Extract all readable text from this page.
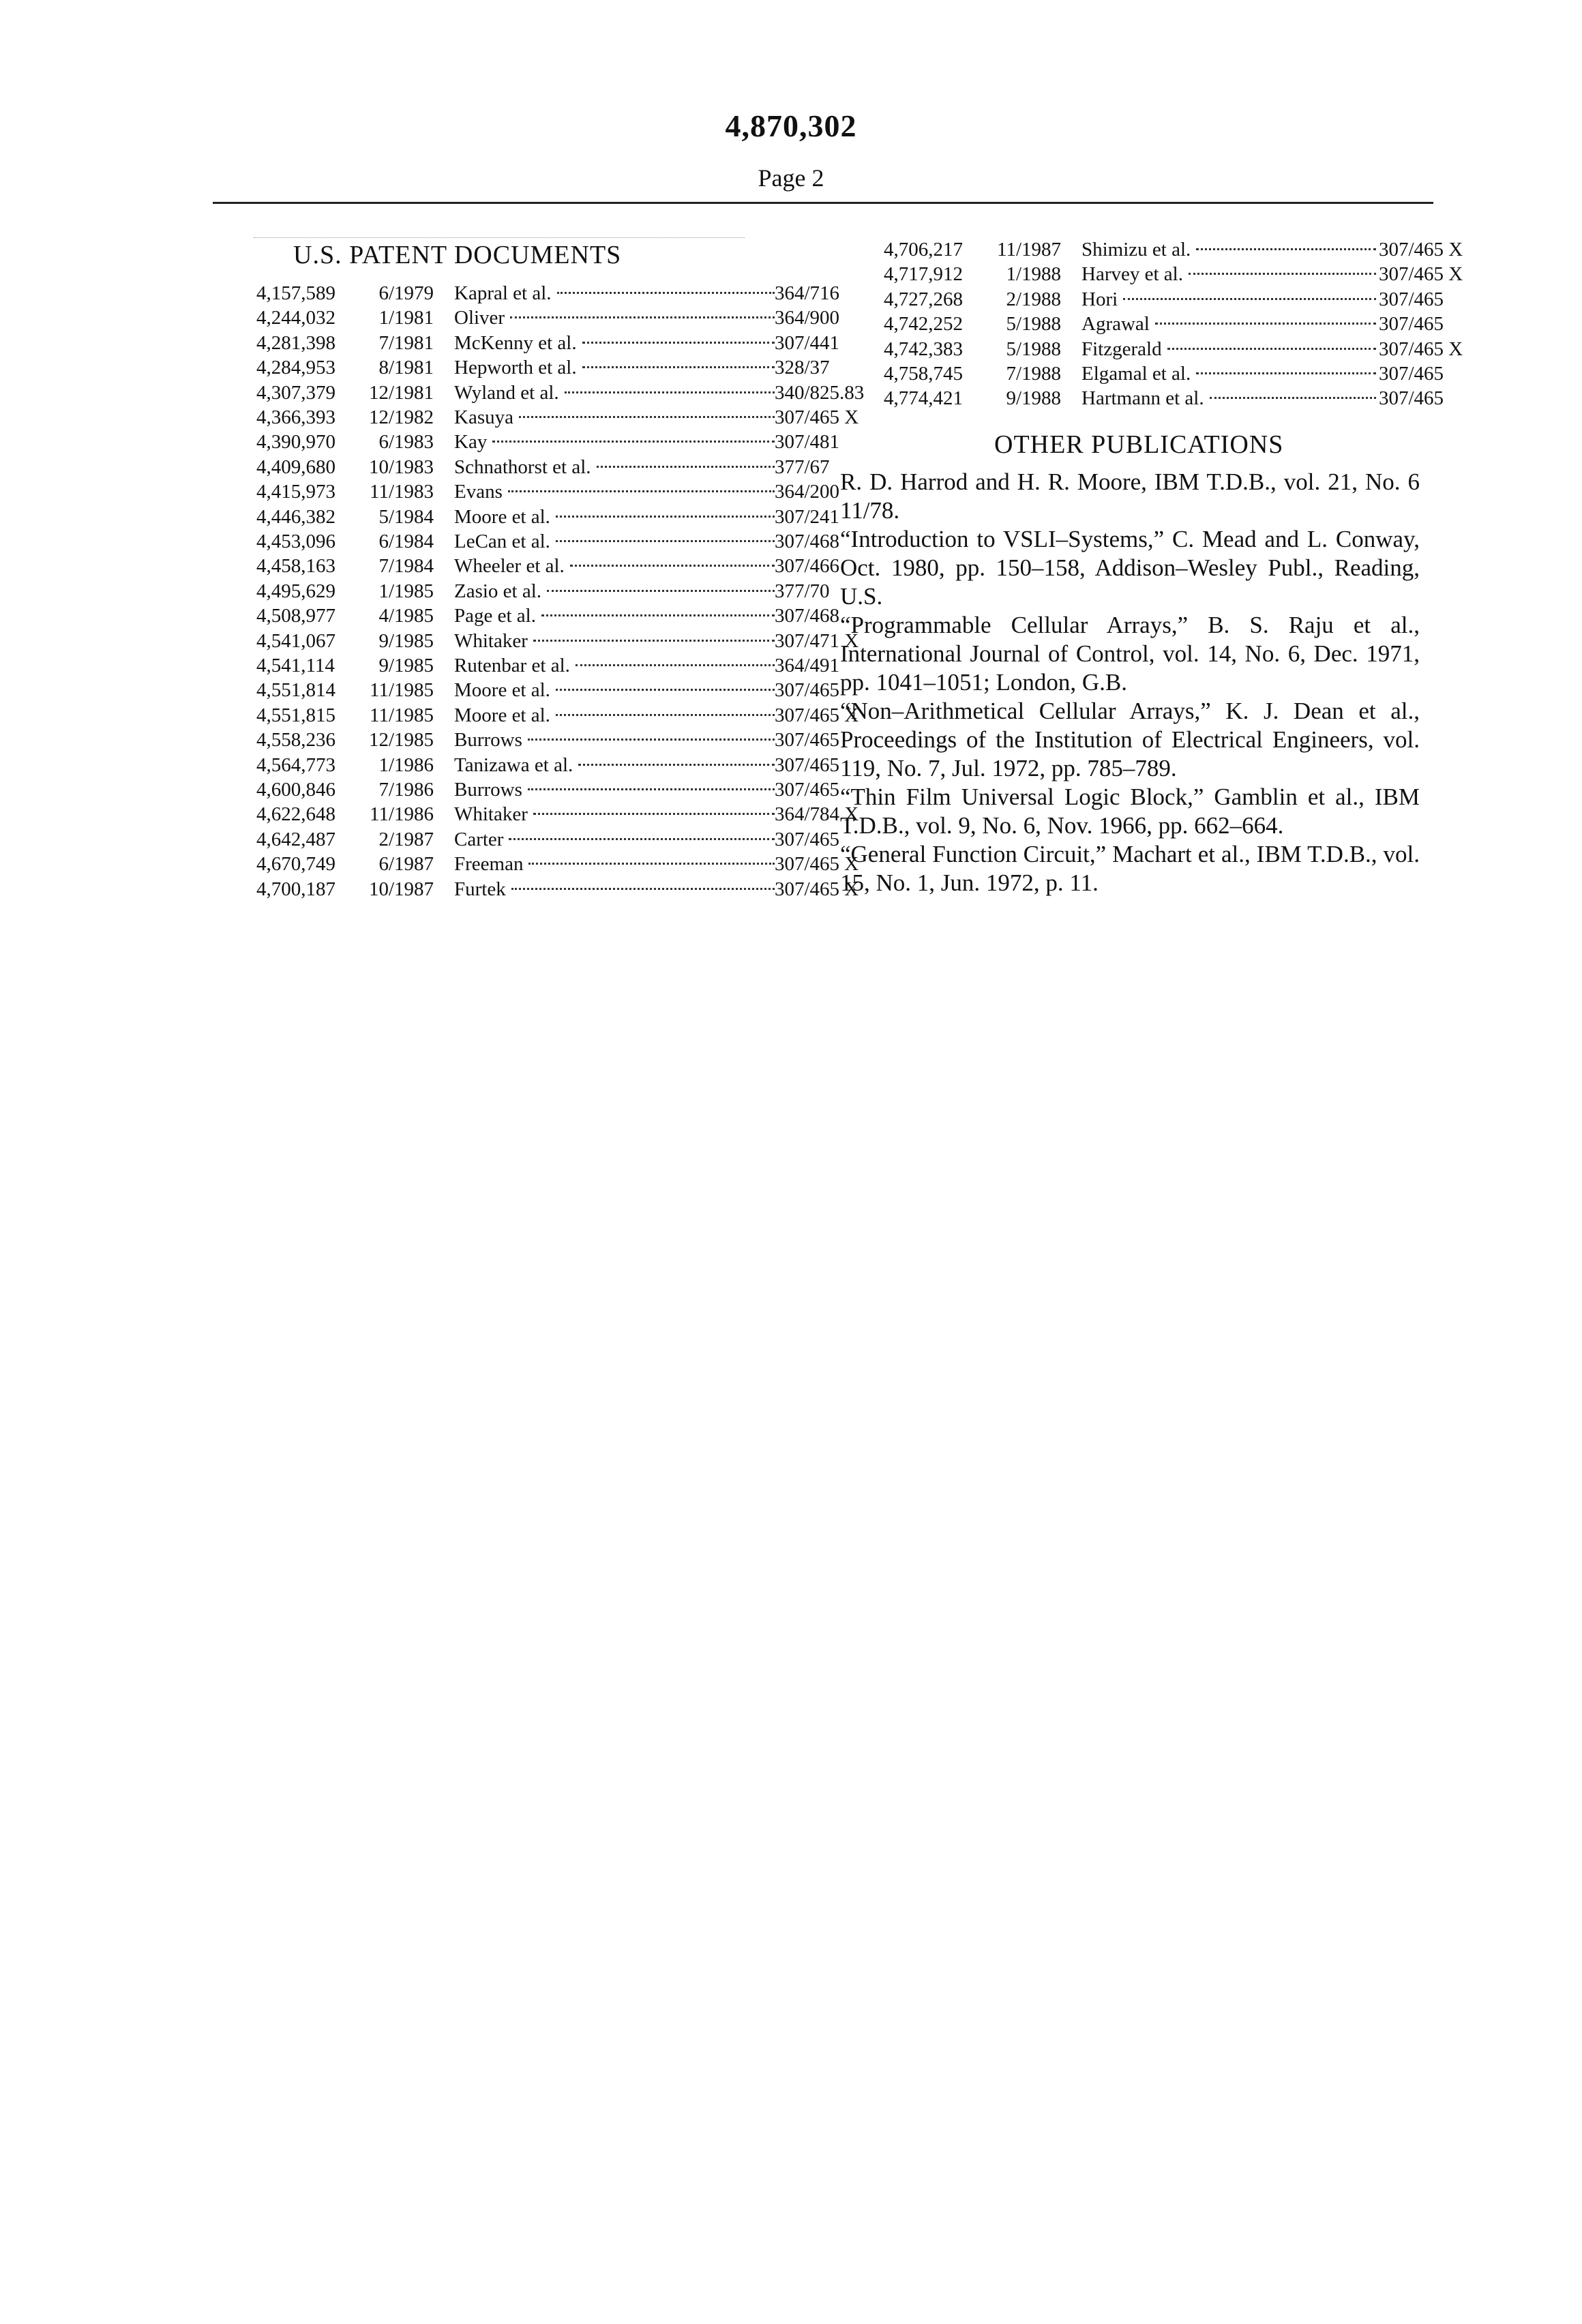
4,870,302
Page 2
U.S. PATENT DOCUMENTS
4,157,589	6/1979 Kapral et al.	364/716
4,244,032	1/1981 Oliver	364/900
4,281,398	7/1981 McKenny et al.	307/441
4,284,953	8/1981 Hepworth et al.	328/37
4,307,379	12/1981 Wyland et al.	340/825.83
4,366,393	12/1982 Kasuya	307/465 X
4,390,970	6/1983 Kay	307/481
4,409,680	10/1983 Schnathorst et al.	377/67
4,415,973	11/1983 Evans	364/200
4,446,382	5/1984 Moore et al.	307/241
4,453,096	6/1984 LeCan et al.	307/468
4,458,163	7/1984 Wheeler et al.	307/466
4,495,629	1/1985 Zasio et al.	377/70
4,508,977	4/1985 Page et al.	307/468
4,541,067	9/1985 Whitaker	307/471 X
4,541,114	9/1985 Rutenbar et al.	364/491
4,551,814	11/1985 Moore et al.	307/465
4,551,815	11/1985 Moore et al.	307/465 X
4,558,236	12/1985 Burrows	307/465
4,564,773	1/1986 Tanizawa et al.	307/465
4,600,846	7/1986 Burrows	307/465
4,622,648	11/1986 Whitaker	364/784 X
4,642,487	2/1987 Carter	307/465
4,670,749	6/1987 Freeman	307/465 X
4,700,187	10/1987 Furtek	307/465 X
4,706,217	11/1987 Shimizu et al.	307/465 X
4,717,912	1/1988 Harvey et al.	307/465 X
4,727,268	2/1988 Hori	307/465
4,742,252	5/1988 Agrawal	307/465
4,742,383	5/1988 Fitzgerald	307/465 X
4,758,745	7/1988 Elgamal et al.	307/465
4,774,421	9/1988 Hartmann et al.	307/465
OTHER PUBLICATIONS

R. D. Harrod and H. R. Moore, IBM T.D.B., vol. 21, No. 6 11/78.

“Introduction to VSLI–Systems,” C. Mead and L. Conway, Oct. 1980, pp. 150–158, Addison–Wesley Publ., Reading, U.S.

“Programmable Cellular Arrays,” B. S. Raju et al., International Journal of Control, vol. 14, No. 6, Dec. 1971, pp. 1041–1051; London, G.B.

“Non–Arithmetical Cellular Arrays,” K. J. Dean et al., Proceedings of the Institution of Electrical Engineers, vol. 119, No. 7, Jul. 1972, pp. 785–789.

“Thin Film Universal Logic Block,” Gamblin et al., IBM T.D.B., vol. 9, No. 6, Nov. 1966, pp. 662–664.

“General Function Circuit,” Machart et al., IBM T.D.B., vol. 15, No. 1, Jun. 1972, p. 11.
